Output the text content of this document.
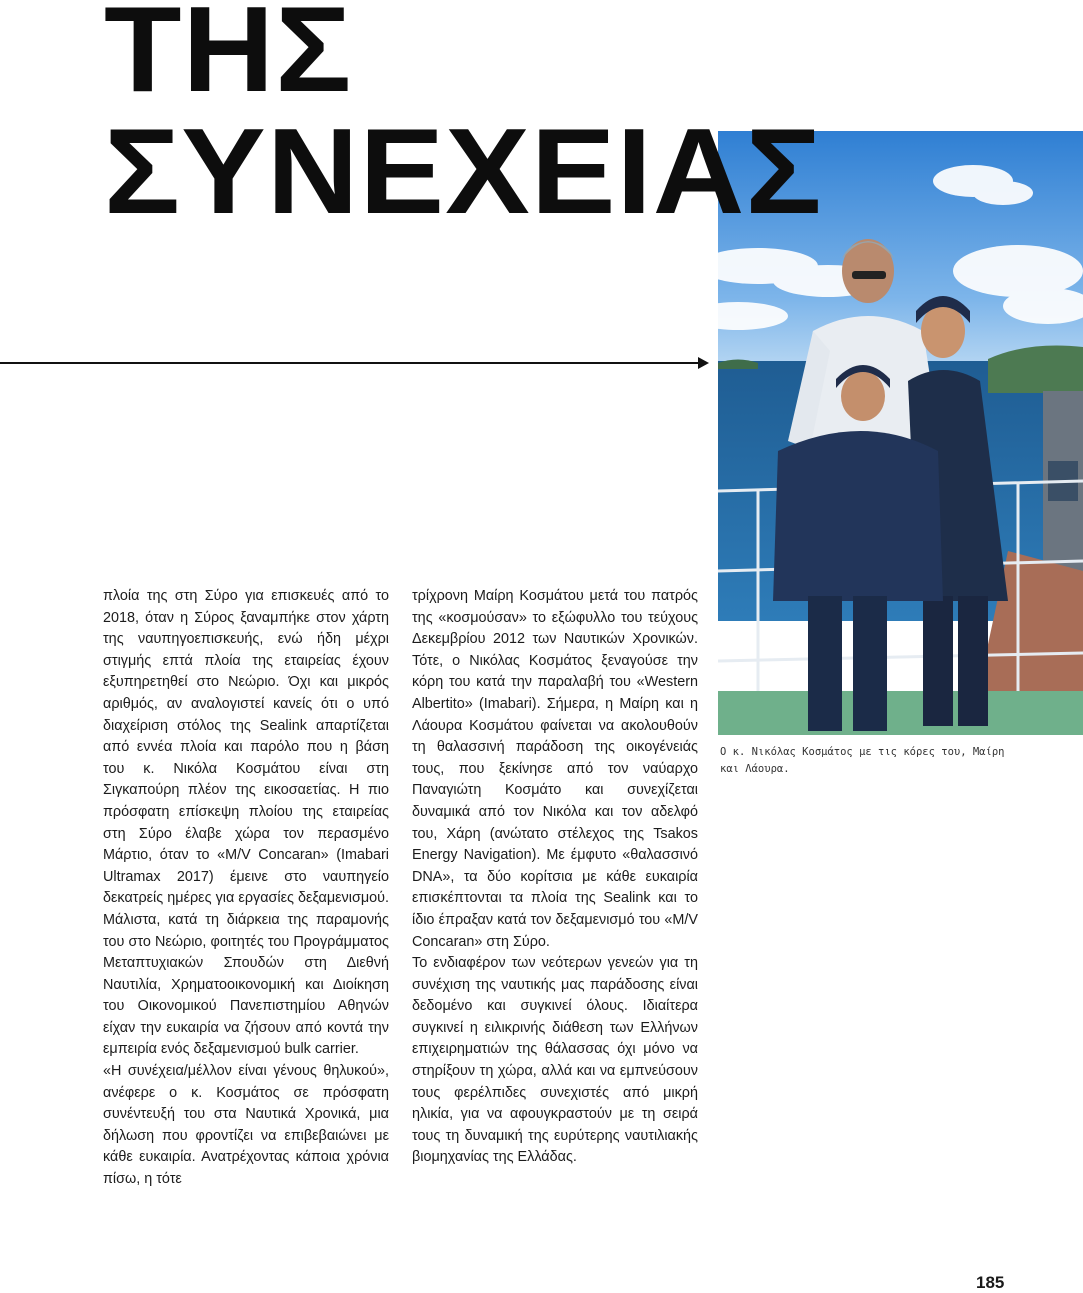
ΤΗΣ
ΣΥΝΕΧΕΙΑΣ
Ο κ. Νικόλας Κοσμάτος με τις κόρες του, Μαίρη και Λάουρα.

πλοία της στη Σύρο για επισκευές από το 2018, όταν η Σύρος ξαναμπήκε στον χάρτη της ναυπηγοεπισκευής, ενώ ήδη μέχρι στιγμής επτά πλοία της εταιρείας έχουν εξυπηρετηθεί στο Νεώριο. Όχι και μικρός αριθμός, αν αναλογιστεί κανείς ότι ο υπό διαχείριση στόλος της Sealink απαρτίζεται από εννέα πλοία και παρόλο που η βάση του κ. Νικόλα Κοσμάτου είναι στη Σιγκαπούρη πλέον της εικοσαετίας. Η πιο πρόσφατη επίσκεψη πλοίου της εταιρείας στη Σύρο έλαβε χώρα τον περασμένο Μάρτιο, όταν το «M/V Concaran» (Imabari Ultramax 2017) έμεινε στο ναυπηγείο δεκατρείς ημέρες για εργασίες δεξαμενισμού. Μάλιστα, κατά τη διάρκεια της παραμονής του στο Νεώριο, φοιτητές του Προγράμματος Μεταπτυχιακών Σπουδών στη Διεθνή Ναυτιλία, Χρηματοοικονομική και Διοίκηση του Οικονομικού Πανεπιστημίου Αθηνών είχαν την ευκαιρία να ζήσουν από κοντά την εμπειρία ενός δεξαμενισμού bulk carrier.

«Η συνέχεια/μέλλον είναι γένους θηλυκού», ανέφερε ο κ. Κοσμάτος σε πρόσφατη συνέντευξή του στα Ναυτικά Χρονικά, μια δήλωση που φροντίζει να επιβεβαιώνει με κάθε ευκαιρία. Ανατρέχοντας κάποια χρόνια πίσω, η τότε

τρίχρονη Μαίρη Κοσμάτου μετά του πατρός της «κοσμούσαν» το εξώφυλλο του τεύχους Δεκεμβρίου 2012 των Ναυτικών Χρονικών. Τότε, ο Νικόλας Κοσμάτος ξεναγούσε την κόρη του κατά την παραλαβή του «Western Albertito» (Imabari). Σήμερα, η Μαίρη και η Λάουρα Κοσμάτου φαίνεται να ακολουθούν τη θαλασσινή παράδοση της οικογένειάς τους, που ξεκίνησε από τον ναύαρχο Παναγιώτη Κοσμάτο και συνεχίζεται δυναμικά από τον Νικόλα και τον αδελφό του, Χάρη (ανώτατο στέλεχος της Tsakos Energy Navigation). Με έμφυτο «θαλασσινό DNA», τα δύο κορίτσια με κάθε ευκαιρία επισκέπτονται τα πλοία της Sealink και το ίδιο έπραξαν κατά τον δεξαμενισμό του «M/V Concaran» στη Σύρο.

Το ενδιαφέρον των νεότερων γενεών για τη συνέχιση της ναυτικής μας παράδοσης είναι δεδομένο και συγκινεί όλους. Ιδιαίτερα συγκινεί η ειλικρινής διάθεση των Ελλήνων επιχειρηματιών της θάλασσας όχι μόνο να στηρίξουν τη χώρα, αλλά και να εμπνεύσουν τους φερέλπιδες συνεχιστές από μικρή ηλικία, για να αφουγκραστούν με τη σειρά τους τη δυναμική της ευρύτερης ναυτιλιακής βιομηχανίας της Ελλάδας.

185
